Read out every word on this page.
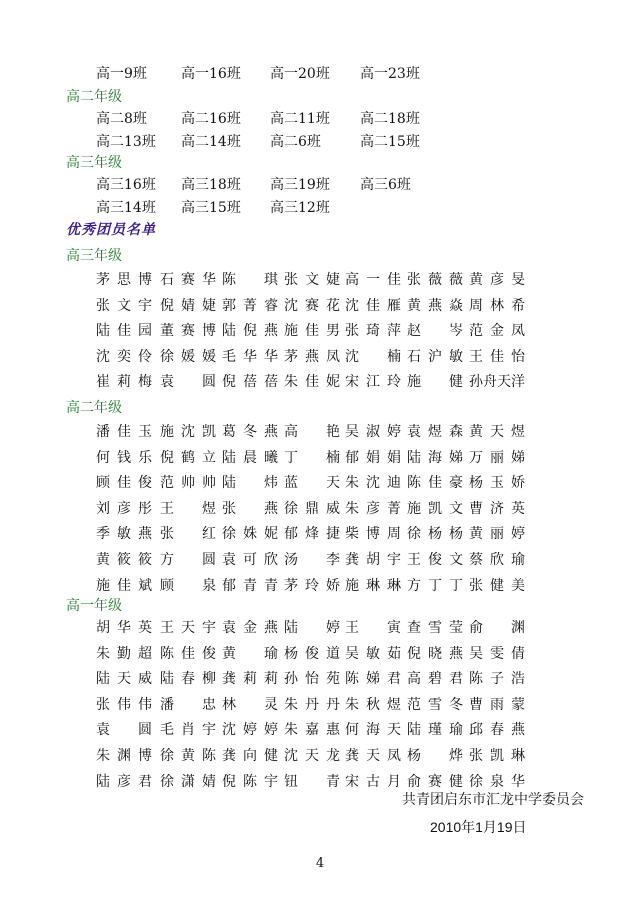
高一9班 高一16班 高一20班 高一23班
高二年级
高二8班 高二16班 高二11班 高二18班
高二13班 高二14班 高二6班	高二15班
高三年级
高三16班 高三18班 高三19班 高三6班
高三14班 高三15班 高三12班
优秀团员名单
高三年级
茅思博 石赛华 陈琪 张文婕 高一佳 张薇薇 黄彦旻
张文宇 倪婧婕 郭菁睿 沈赛花 沈佳雁 黄燕焱 周林希
陆佳园 董赛博 陆倪燕 施佳男 张琦萍 赵岑 范金凤
沈奕伶 徐媛媛 毛华华 茅燕凤 沈楠 石沪敏 王佳怡
崔莉梅 袁圆 倪蓓蓓 朱佳妮 宋江玲 施健 孙舟天洋
高二年级
潘佳玉 施沈凯 葛冬燕 高艳 吴淑婷 袁煜森 黄天煜
何钱乐 倪鹤立 陆晨曦 丁楠 郁娟娟 陆海娣 万丽娣
顾佳俊 范帅帅 陆炜 蓝天 朱沈迪 陈佳豪 杨玉娇
刘彦彤 王煜 张燕 徐鼎威 朱彦菁 施凯文 曹济英
季敏燕 张红 徐姝妮 郁烽捷 柴博周 徐杨杨 黄丽婷
黄筱筱 方圆 袁可欣 汤李 龚胡宇 王俊文 蔡欣瑜
施佳斌 顾泉 郁青青 茅玲娇 施琳琳 方丁丁 张健美
高一年级
胡华英 王天宇 袁金燕 陆婷 王寅 查雪莹 俞渊
朱勤超 陈佳俊 黄瑜 杨俊道 吴敏茹 倪晓燕 吴雯倩
陆天威 陆春柳 龚莉莉 孙怡苑 陈娣君 高碧君 陈子浩
张伟伟 潘忠 林灵 朱丹丹 朱秋煜 范雪冬 曹雨蒙
袁圆 毛肖宇 沈婷婷 朱嘉惠 何海天 陆瑾瑜 邱春燕
朱渊博 徐黄陈 龚向健 沈天龙 龚天凤 杨烨 张凯琳
陆彦君 徐潇婧 倪陈宇 钮青 宋古月 俞赛健 徐泉华
共青团启东市汇龙中学委员会
2010年1月19日
4
